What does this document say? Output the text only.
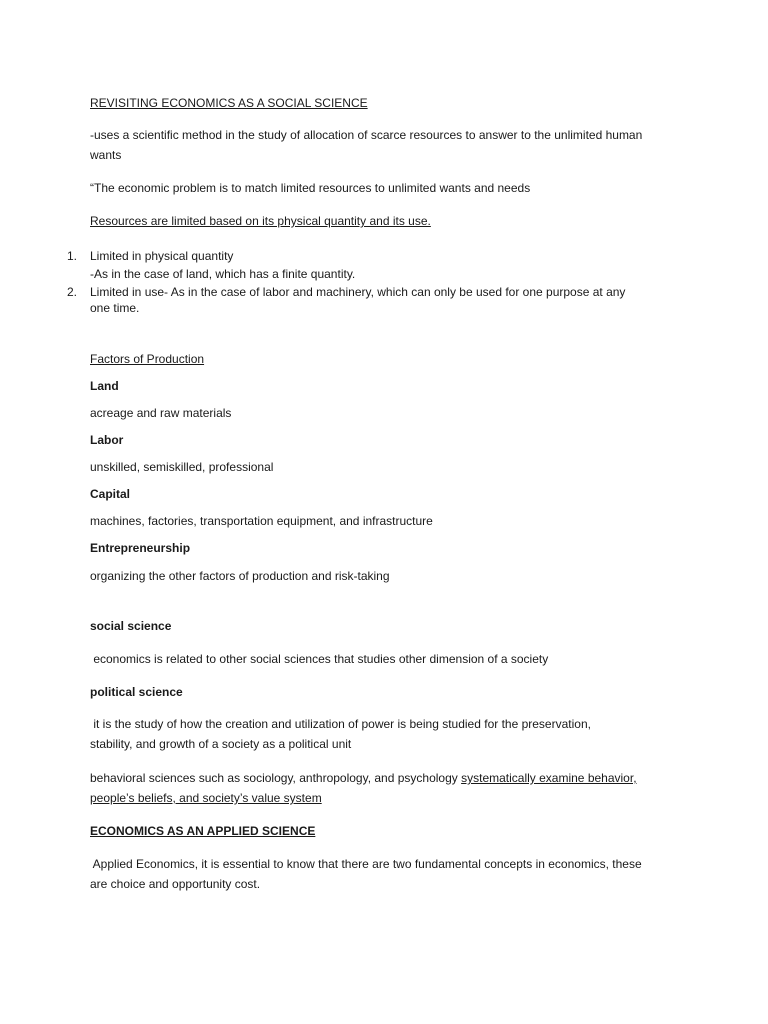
REVISITING ECONOMICS AS A SOCIAL SCIENCE
-uses a scientific method in the study of allocation of scarce resources to answer to the unlimited human
wants
“The economic problem is to match limited resources to unlimited wants and needs
Resources are limited based on its physical quantity and its use.
1.	Limited in physical quantity
-As in the case of land, which has a finite quantity.
2.	Limited in use- As in the case of labor and machinery, which can only be used for one purpose at any
one time.
Factors of Production
Land
acreage and raw materials
Labor
unskilled, semiskilled, professional
Capital
machines, factories, transportation equipment, and infrastructure
Entrepreneurship
organizing the other factors of production and risk-taking
social science
economics is related to other social sciences that studies other dimension of a society
political science
it is the study of how the creation and utilization of power is being studied for the preservation,
stability, and growth of a society as a political unit
behavioral sciences such as sociology, anthropology, and psychology systematically examine behavior,
people’s beliefs, and society’s value system
ECONOMICS AS AN APPLIED SCIENCE
Applied Economics, it is essential to know that there are two fundamental concepts in economics, these
are choice and opportunity cost.
